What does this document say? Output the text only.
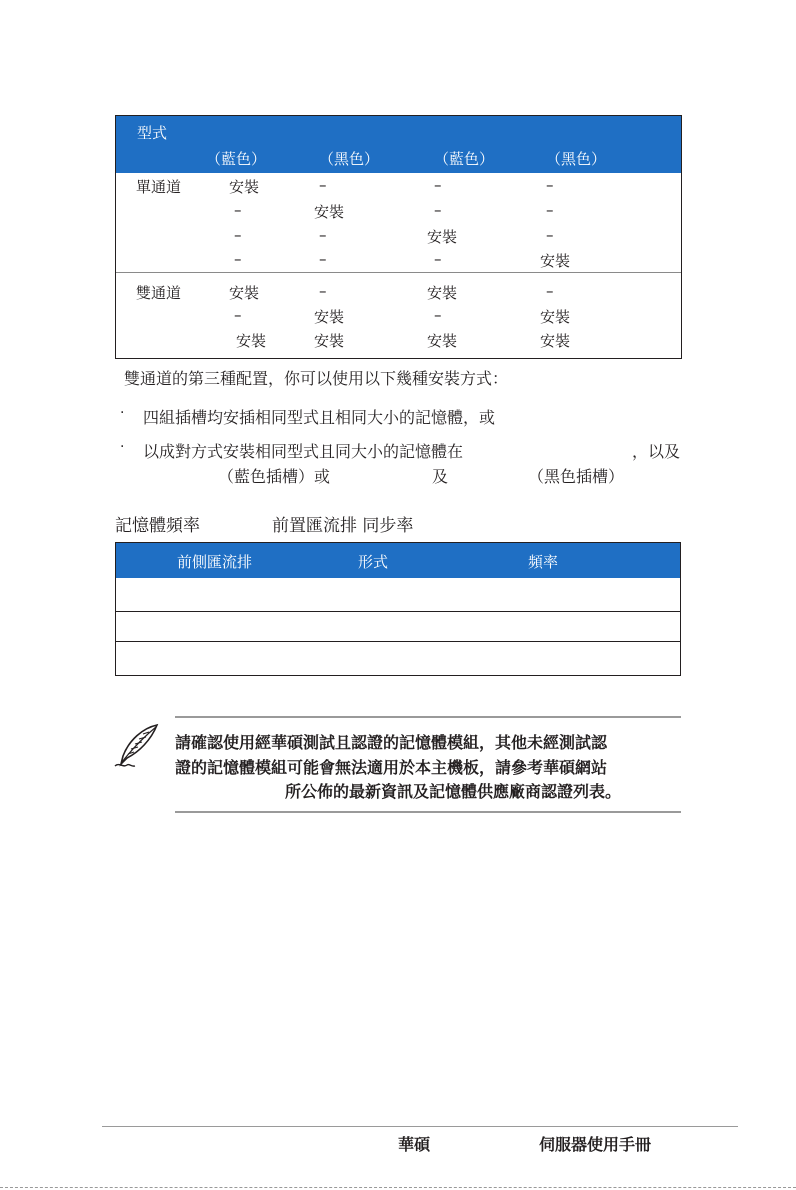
型式
（藍色）	（黑色）	（藍色）	（黑色）
單通道	安裝	–	–	–
–	安裝	–	–
–	–	安裝	–
–	–	–	安裝
雙通道	安裝	–	安裝	–
–	安裝	–	安裝
安裝	安裝	安裝	安裝
雙通道的第三種配置，你可以使用以下幾種安裝方式：
· 四組插槽均安插相同型式且相同大小的記憶體，或
· 以成對方式安裝相同型式且同大小的記憶體在	，以及
（藍色插槽）或	及	（黑色插槽）
記憶體頻率	前置匯流排 同步率
前側匯流排	形式	頻率
請確認使用經華碩測試且認證的記憶體模組，其他未經測試認
證的記憶體模組可能會無法適用於本主機板，請參考華碩網站
所公佈的最新資訊及記憶體供應廠商認證列表。
華碩	伺服器使用手冊
